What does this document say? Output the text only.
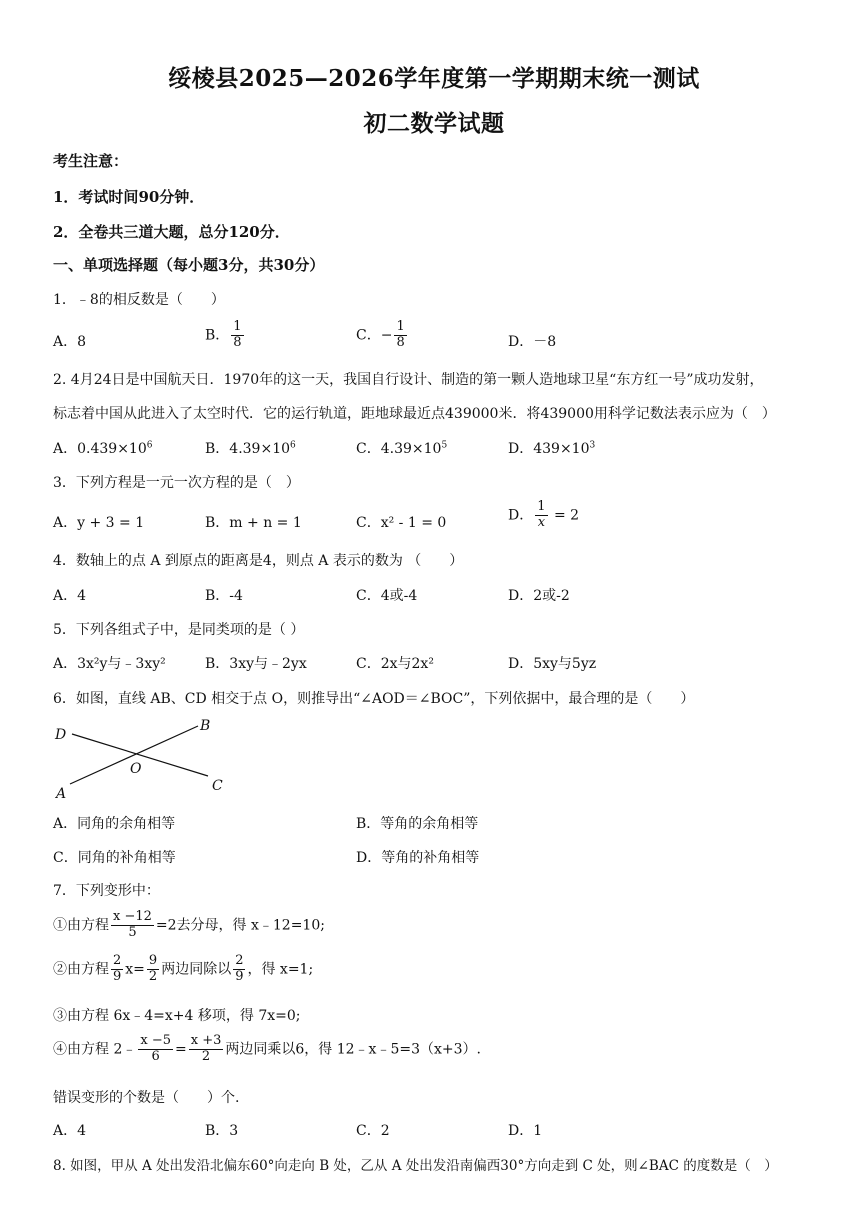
绥棱县2025—2026学年度第一学期期末统一测试
初二数学试题
考生注意：
1．考试时间90分钟．
2．全卷共三道大题，总分120分．
一、单项选择题（每小题3分，共30分）
1．﹣8的相反数是（　　）
A．8	B． $\frac{1}{8}$	C．− $\frac{1}{8}$	D．－8
2. 4月24日是中国航天日．1970年的这一天，我国自行设计、制造的第一颗人造地球卫星“东方红一号”成功发射，
标志着中国从此进入了太空时代．它的运行轨道，距地球最近点439000米．将439000用科学记数法表示应为（　）
A．$0.439\times 10^6$	B．$4.39\times 10^6$	C．$4.39\times 10^5$	D．$439\times 10^3$
3．下列方程是一元一次方程的是（　）
A．y + 3 = 1	B．m + n = 1	C．x² - 1 = 0	D． $\frac{1}{x} = 2$
4．数轴上的点 A 到原点的距离是4，则点 A 表示的数为 （　　）
A．4	B．-4	C．4或-4	D．2或-2
5．下列各组式子中，是同类项的是（ ）
A．3x²y与﹣3xy²	B．3xy与﹣2yx	C．2x与2x²	D．5xy与5yz
6．如图，直线 AB、CD 相交于点 O，则推导出“∠AOD＝∠BOC”，下列依据中，最合理的是（　　）
D
B
O
A	C
A．同角的余角相等	B．等角的余角相等
C．同角的补角相等	D．等角的补角相等
7．下列变形中：
①由方程 $\frac{x -12}{5} =2$去分母，得 x﹣12=10;
②由方程 $\frac{2}{9} x= \frac{9}{2}$ 两边同除以 $\frac{2}{9}$ ，得 x=1;
③由方程 6x﹣4=x+4 移项，得 7x=0;
④由方程 2﹣ $\frac{x -5}{6} = \frac{x +3}{2}$ 两边同乘以6，得 12﹣x﹣5=3（x+3）.
错误变形的个数是（　　）个.
A．4	B．3	C．2	D．1
8. 如图，甲从 A 处出发沿北偏东60°向走向 B 处，乙从 A 处出发沿南偏西30°方向走到 C 处，则∠BAC 的度数是（　）
